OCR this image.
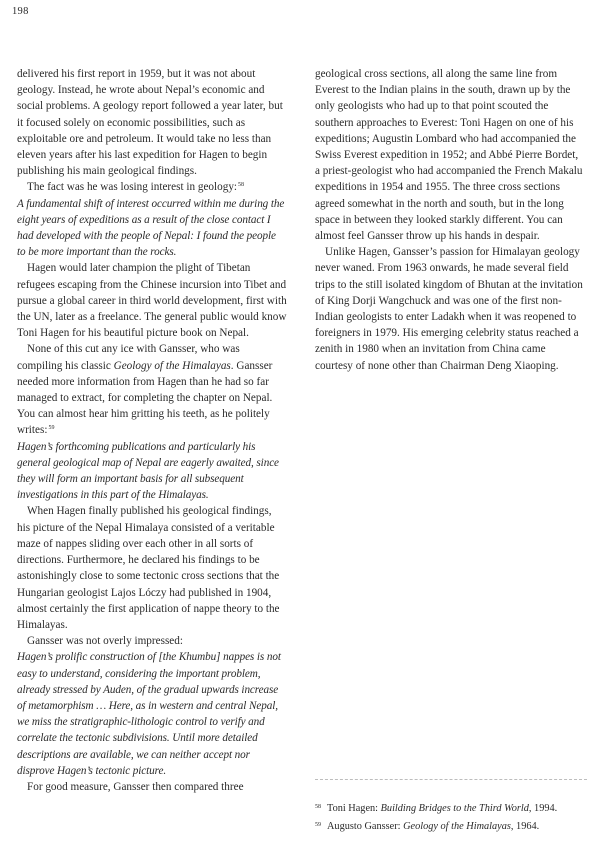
198

delivered his first report in 1959, but it was not about geology. Instead, he wrote about Nepal’s economic and social problems. A geology report followed a year later, but it focused solely on economic possibilities, such as exploitable ore and petroleum. It would take no less than eleven years after his last expedition for Hagen to begin publishing his main geological findings.

The fact was he was losing interest in geology:$^{58}$

A fundamental shift of interest occurred within me during the eight years of expeditions as a result of the close contact I had developed with the people of Nepal: I found the people to be more important than the rocks.

Hagen would later champion the plight of Tibetan refugees escaping from the Chinese incursion into Tibet and pursue a global career in third world development, first with the UN, later as a freelance. The general public would know Toni Hagen for his beautiful picture book on Nepal.

None of this cut any ice with Gansser, who was compiling his classic Geology of the Himalayas. Gansser needed more information from Hagen than he had so far managed to extract, for completing the chapter on Nepal. You can almost hear him gritting his teeth, as he politely writes:$^{59}$

Hagen’s forthcoming publications and particularly his general geological map of Nepal are eagerly awaited, since they will form an important basis for all subsequent investigations in this part of the Himalayas.

When Hagen finally published his geological findings, his picture of the Nepal Himalaya consisted of a veritable maze of nappes sliding over each other in all sorts of directions. Furthermore, he declared his findings to be astonishingly close to some tectonic cross sections that the Hungarian geologist Lajos Lóczy had published in 1904, almost certainly the first application of nappe theory to the Himalayas.

Gansser was not overly impressed:

Hagen’s prolific construction of [the Khumbu] nappes is not easy to understand, considering the important problem, already stressed by Auden, of the gradual upwards increase of metamorphism … Here, as in western and central Nepal, we miss the stratigraphic-lithologic control to verify and correlate the tectonic subdivisions. Until more detailed descriptions are available, we can neither accept nor disprove Hagen’s tectonic picture.

For good measure, Gansser then compared three

geological cross sections, all along the same line from Everest to the Indian plains in the south, drawn up by the only geologists who had up to that point scouted the southern approaches to Everest: Toni Hagen on one of his expeditions; Augustin Lombard who had accompanied the Swiss Everest expedition in 1952; and Abbé Pierre Bordet, a priest-geologist who had accompanied the French Makalu expeditions in 1954 and 1955. The three cross sections agreed somewhat in the north and south, but in the long space in between they looked starkly different. You can almost feel Gansser throw up his hands in despair.

Unlike Hagen, Gansser’s passion for Himalayan geology never waned. From 1963 onwards, he made several field trips to the still isolated kingdom of Bhutan at the invitation of King Dorji Wangchuck and was one of the first non-Indian geologists to enter Ladakh when it was reopened to foreigners in 1979. His emerging celebrity status reached a zenith in 1980 when an invitation from China came courtesy of none other than Chairman Deng Xiaoping.

$^{58}$ Toni Hagen: Building Bridges to the Third World, 1994.

$^{59}$ Augusto Gansser: Geology of the Himalayas, 1964.
